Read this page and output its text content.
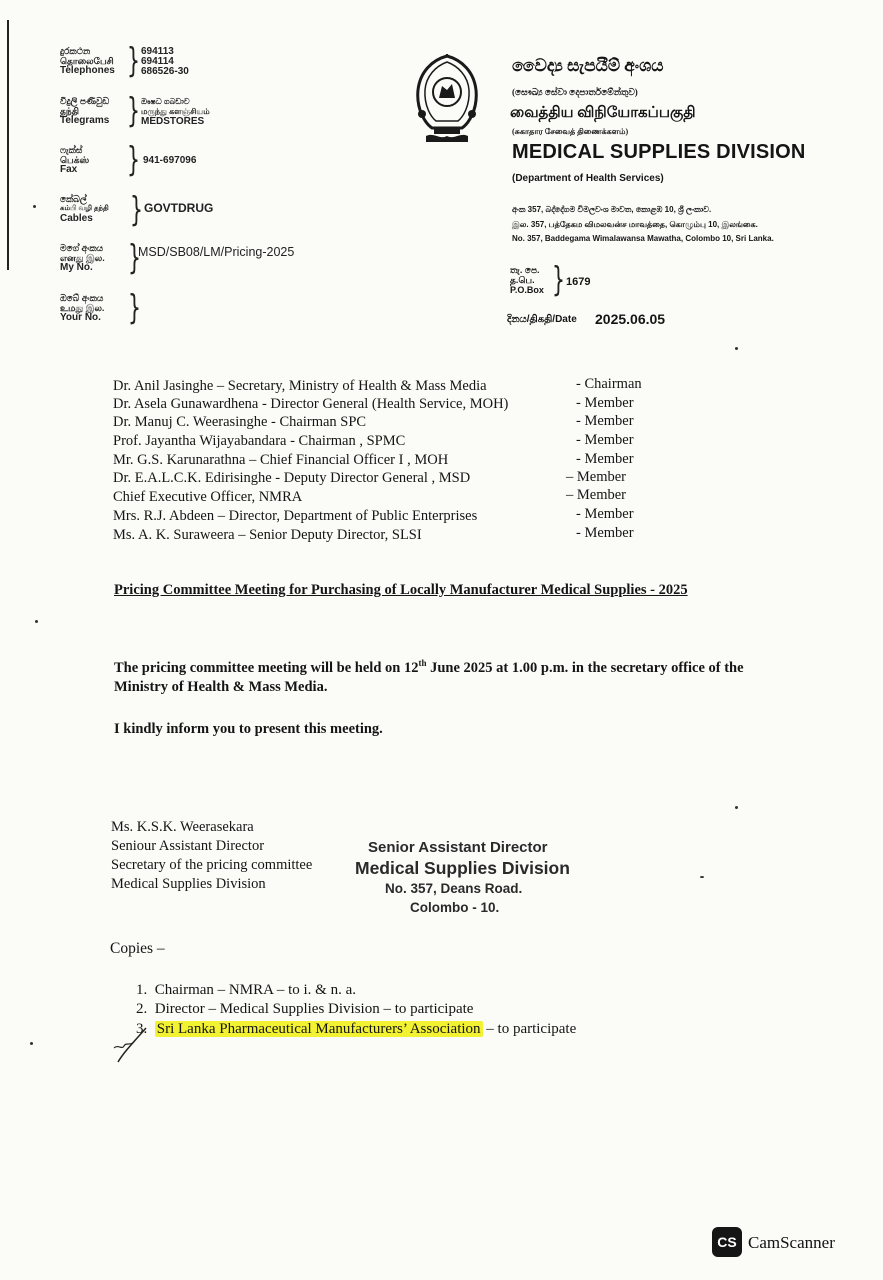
දුරකථන
தொலைபேசி
Telephones } 694113
694114
686526-30
විදුලි පණිවුඩ
தந்தி
Telegrams } ඖෂධ ගබඩාව
மருந்து களஞ்சியம்
MEDSTORES
ෆැක්ස්
பெக்ஸ்
Fax	} 941-697096
කේබල්
கம்பி வழி தந்தி
Cables	} GOVTDRUG
මගේ අංකය
எனது இல.
My No.	}
MSD/SB08/LM/Pricing-2025
ඔබේ අංකය
உமது இல.
Your No. }
වෛද්‍ය සැපයීම් අංශය
(සෞඛ්‍ය සේවා දෙපාර්තමේන්තුව)
வைத்திய விநியோகப்பகுதி
(சுகாதார சேவைத் திணைக்களம்)
MEDICAL SUPPLIES DIVISION
(Department of Health Services)
අංක 357, බද්දේගම විමලවංශ මාවත, කොළඹ 10, ශ්‍රී ලංකාව.
இல. 357, பத்தேகம விமலவன்ச மாவத்தை, கொழும்பு 10, இலங்கை.
No. 357, Baddegama Wimalawansa Mawatha, Colombo 10, Sri Lanka.
තැ. පෙ.
த.பெ.
P.O.Box } 1679
දිනය/திகதி/Date 2025.06.05
Dr. Anil Jasinghe – Secretary, Ministry of Health & Mass Media	- Chairman
Dr. Asela Gunawardhena - Director General (Health Service, MOH)	- Member
Dr. Manuj C. Weerasinghe - Chairman SPC	- Member
Prof. Jayantha Wijayabandara - Chairman , SPMC	- Member
Mr. G.S. Karunarathna – Chief Financial Officer I , MOH	- Member
Dr. E.A.L.C.K. Edirisinghe - Deputy Director General , MSD	– Member
Chief Executive Officer, NMRA	– Member
Mrs. R.J. Abdeen – Director, Department of Public Enterprises	- Member
Ms. A. K. Suraweera – Senior Deputy Director, SLSI	- Member
Pricing Committee Meeting for Purchasing of Locally Manufacturer Medical Supplies - 2025
The pricing committee meeting will be held on 12th June 2025 at 1.00 p.m. in the secretary office of the
Ministry of Health & Mass Media.
I kindly inform you to present this meeting.
Ms. K.S.K. Weerasekara
Seniour Assistant Director
Secretary of the pricing committee
Medical Supplies Division
Senior Assistant Director
Medical Supplies Division
No. 357, Deans Road.
Colombo - 10.
Copies –
1. Chairman – NMRA – to i. & n. a.
2. Director – Medical Supplies Division – to participate
3. Sri Lanka Pharmaceutical Manufacturers’ Association – to participate
CS CamScanner
